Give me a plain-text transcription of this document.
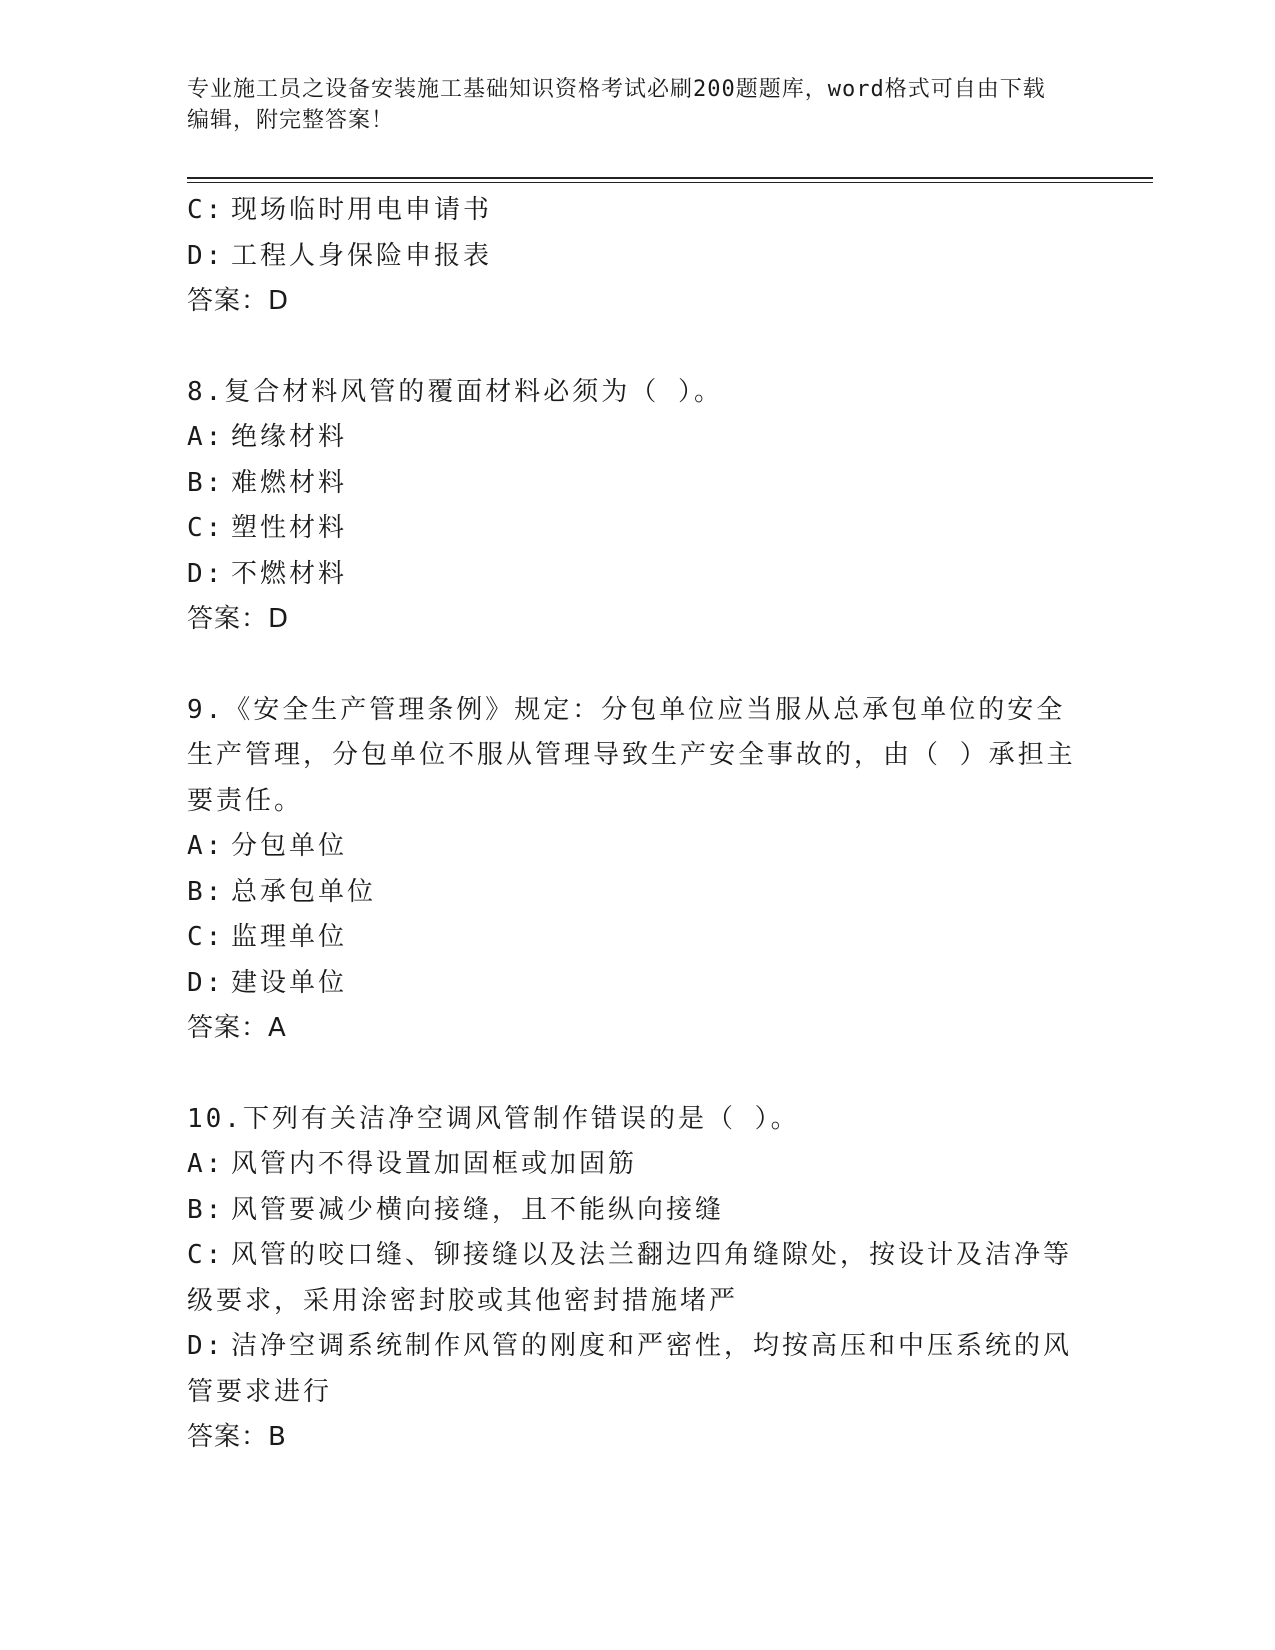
专业施工员之设备安装施工基础知识资格考试必刷200题题库，word格式可自由下载编辑，附完整答案！
C: 现场临时用电申请书
D: 工程人身保险申报表
答案：D
8.复合材料风管的覆面材料必须为（ ）。
A: 绝缘材料
B: 难燃材料
C: 塑性材料
D: 不燃材料
答案：D
9.《安全生产管理条例》规定：分包单位应当服从总承包单位的安全生产管理，分包单位不服从管理导致生产安全事故的，由（ ）承担主要责任。
A: 分包单位
B: 总承包单位
C: 监理单位
D: 建设单位
答案：A
10.下列有关洁净空调风管制作错误的是（ ）。
A: 风管内不得设置加固框或加固筋
B: 风管要减少横向接缝，且不能纵向接缝
C: 风管的咬口缝、铆接缝以及法兰翻边四角缝隙处，按设计及洁净等级要求，采用涂密封胶或其他密封措施堵严
D: 洁净空调系统制作风管的刚度和严密性，均按高压和中压系统的风管要求进行
答案：B
